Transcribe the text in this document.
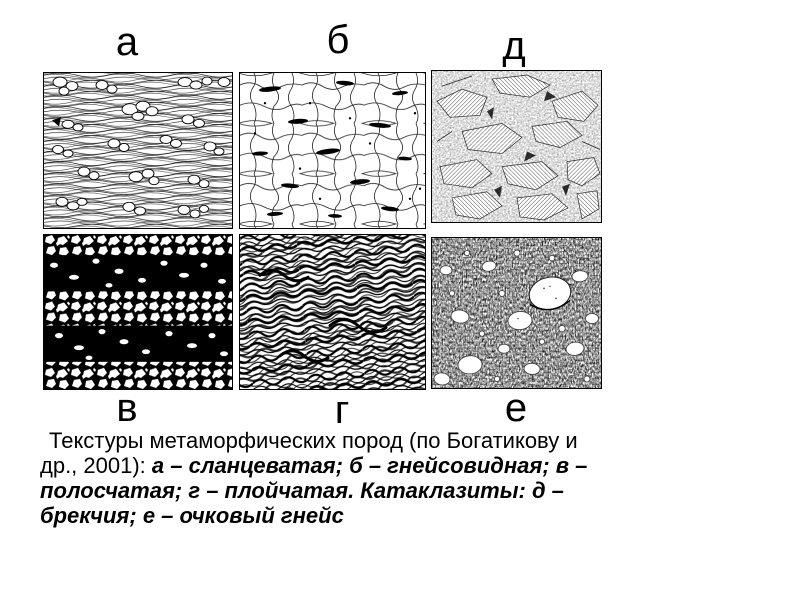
а	б	д
в	г	е
Текстуры метаморфических пород (по Богатикову и
др., 2001): а – сланцеватая; б – гнейсовидная; в –
полосчатая; г – плойчатая. Катаклазиты: д –
брекчия; е – очковый гнейс
